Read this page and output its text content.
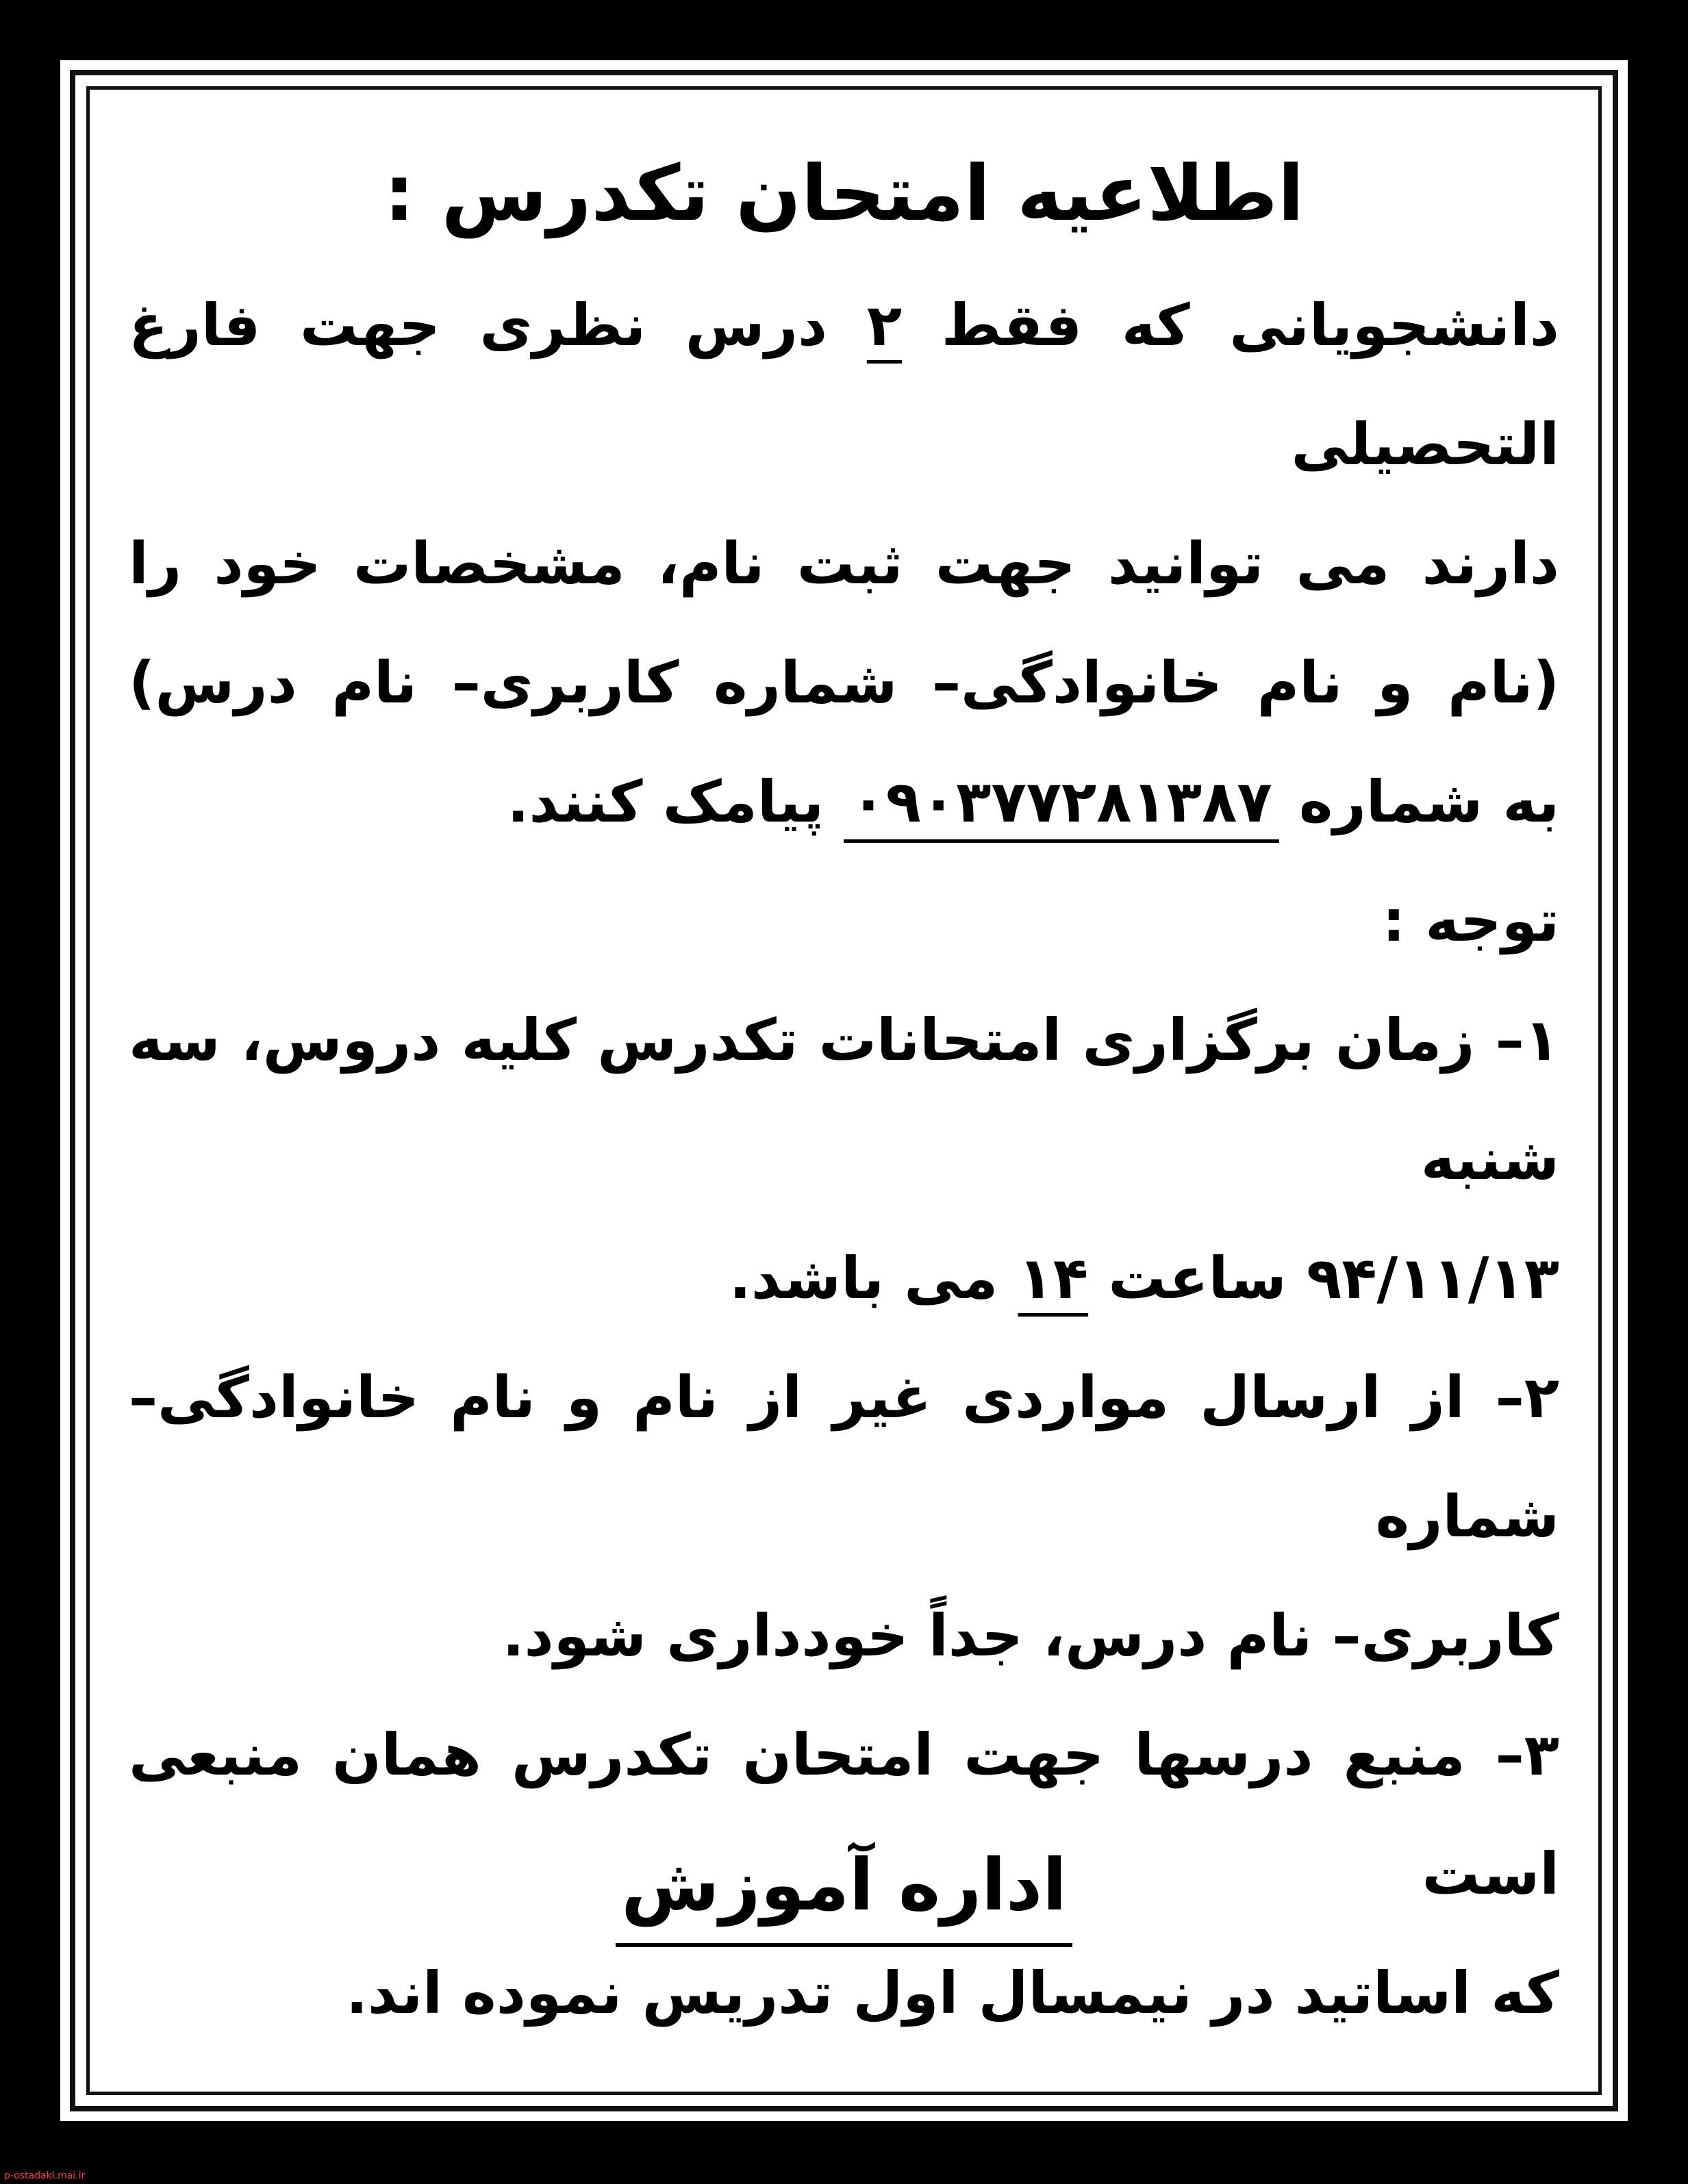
اطلاعیه امتحان تکدرس :
دانشجویانی که فقط ۲ درس نظری جهت فارغ التحصیلی
دارند می توانید جهت ثبت نام، مشخصات خود را
(نام و نام خانوادگی– شماره کاربری– نام درس)
به شماره ۰۹۰۳۷۷۲۸۱۳۸۷ پیامک کنند.
توجه :
۱– زمان برگزاری امتحانات تکدرس کلیه دروس، سه شنبه
۹۴/۱۱/۱۳ ساعت ۱۴ می باشد.
۲– از ارسال مواردی غیر از نام و نام خانوادگی– شماره
کاربری– نام درس، جداً خودداری شود.
۳– منبع درسها جهت امتحان تکدرس همان منبعی است
که اساتید در نیمسال اول تدریس نموده اند.
اداره آموزش
p-ostadakl.mai.ir
